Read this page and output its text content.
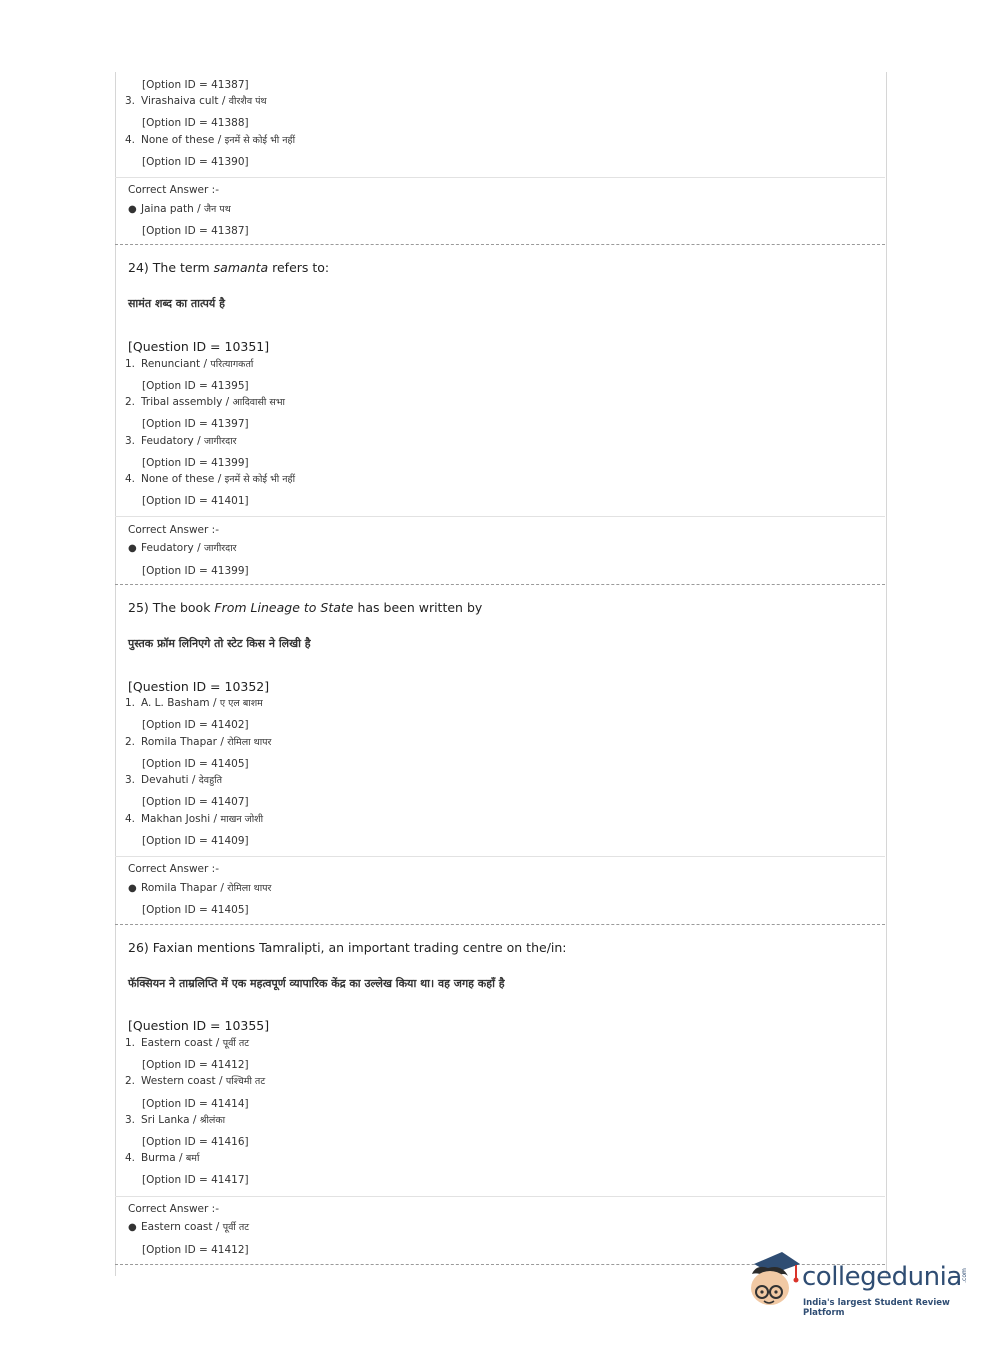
[Option ID = 41387]
3. Virashaiva cult / वीरशैव पंथ
[Option ID = 41388]
4. None of these / इनमें से कोई भी नहीं
[Option ID = 41390]
Correct Answer :-
● Jaina path / जैन पथ
[Option ID = 41387]
24) The term samanta refers to:
सामंत शब्द का तात्पर्य है
[Question ID = 10351]
1. Renunciant / परित्यागकर्ता
[Option ID = 41395]
2. Tribal assembly / आदिवासी सभा
[Option ID = 41397]
3. Feudatory / जागीरदार
[Option ID = 41399]
4. None of these / इनमें से कोई भी नहीं
[Option ID = 41401]
Correct Answer :-
● Feudatory / जागीरदार
[Option ID = 41399]
25) The book From Lineage to State has been written by
पुस्तक फ्रॉम लिनिएगे तो स्टेट किस ने लिखी है
[Question ID = 10352]
1. A. L. Basham / ए एल बाशम
[Option ID = 41402]
2. Romila Thapar / रोमिला थापर
[Option ID = 41405]
3. Devahuti / देवहुति
[Option ID = 41407]
4. Makhan Joshi / माखन जोशी
[Option ID = 41409]
Correct Answer :-
● Romila Thapar / रोमिला थापर
[Option ID = 41405]
26) Faxian mentions Tamralipti, an important trading centre on the/in:
फॅक्सियन ने ताम्रलिप्ति में एक महत्वपूर्ण व्यापारिक केंद्र का उल्लेख किया था। वह जगह कहाँ है
[Question ID = 10355]
1. Eastern coast / पूर्वी तट
[Option ID = 41412]
2. Western coast / पश्चिमी तट
[Option ID = 41414]
3. Sri Lanka / श्रीलंका
[Option ID = 41416]
4. Burma / बर्मा
[Option ID = 41417]
Correct Answer :-
● Eastern coast / पूर्वी तट
[Option ID = 41412]
collegedunia .com
India's largest Student Review Platform
